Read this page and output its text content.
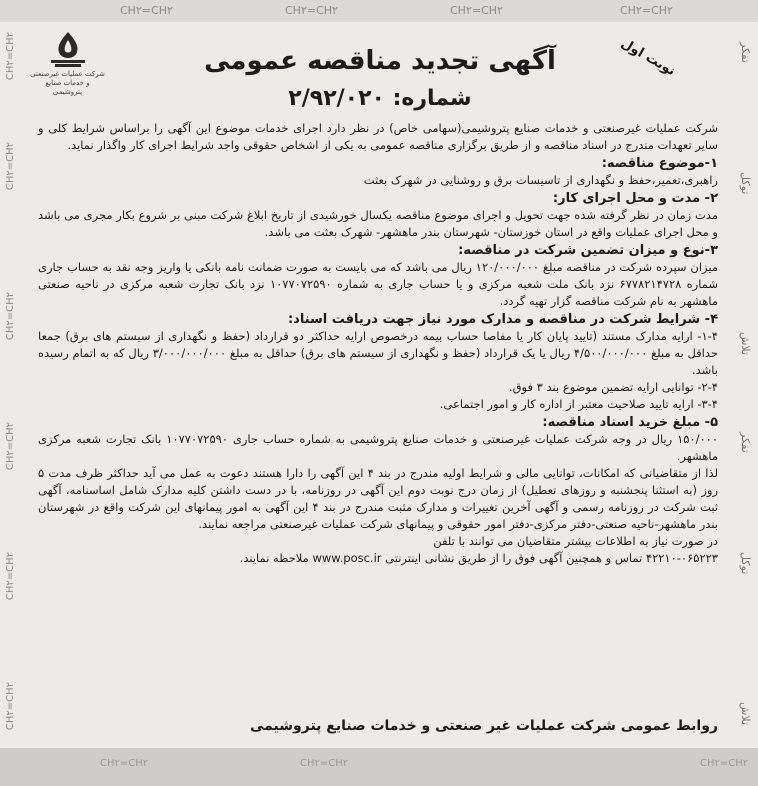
CH۲=CH۲	CH۲=CH۲	CH۲=CH۲	CH۲=CH۲
CH۲=CH۲
CH۲=CH۲
CH۲=CH۲
CH۲=CH۲
CH۲=CH۲
CH۲=CH۲
تفکر
توکل
تلاش
تفکر
توکل
تلاش
شرکت عملیات غیرصنعتی
و خدمات صنایع پتروشیمی
نوبت اول
آگهی تجدید مناقصه عمومی
شماره: ۲/۹۲/۰۲۰

شرکت عملیات غیرصنعتی و خدمات صنایع پتروشیمی(سهامی خاص) در نظر دارد اجرای خدمات موضوع این آگهی را براساس شرایط کلی و سایر تعهدات مندرج در اسناد مناقصه و از طریق برگزاری مناقصه عمومی به یکی از اشخاص حقوقی واجد شرایط اجرای کار واگذار نماید.

۱-موضوع مناقصه:

راهبری،تعمیر،حفظ و نگهداری از تاسیسات برق و روشنایی در شهرک بعثت

۲- مدت و محل اجرای کار:

مدت زمان در نظر گرفته شده جهت تحویل و اجرای موضوع مناقصه یکسال خورشیدی از تاریخ ابلاغ شرکت مبنی بر شروع بکار مجری می باشد و محل اجرای عملیات واقع در استان خوزستان- شهرستان بندر ماهشهر- شهرک بعثت می باشد.

۳-نوع و میزان تضمین شرکت در مناقصه:

میزان سپرده شرکت در مناقصه مبلغ ۱۲۰/۰۰۰/۰۰۰ ریال می باشد که می بایست به صورت ضمانت نامه بانکی یا واریز وجه نقد به حساب جاری شماره ۶۷۷۸۲۱۴۷۲۸ نزد بانک ملت شعبه مرکزی و یا حساب جاری به شماره ۱۰۷۷۰۷۲۵۹۰ نزد بانک تجارت شعبه مرکزی در ناحیه صنعتی ماهشهر به نام شرکت مناقصه گزار تهیه گردد.

۴- شرایط شرکت در مناقصه و مدارک مورد نیاز جهت دریافت اسناد:

۱-۴- ارایه مدارک مستند (تایید پایان کار یا مفاصا حساب بیمه درخصوص ارایه حداکثر دو قرارداد (حفظ و نگهداری از سیستم های برق) جمعا حداقل به مبلغ ۴/۵۰۰/۰۰۰/۰۰۰ ریال یا یک قرارداد (حفظ و نگهداری از سیستم های برق) حداقل به مبلغ ۳/۰۰۰/۰۰۰/۰۰۰ ریال که به اتمام رسیده باشد.

۲-۴- توانایی ارایه تضمین موضوع بند ۳ فوق.

۳-۴- ارایه تایید صلاحیت معتبر از اداره کار و امور اجتماعی.

۵- مبلغ خرید اسناد مناقصه:

۱۵۰/۰۰۰ ریال در وجه شرکت عملیات غیرصنعتی و خدمات صنایع پتروشیمی به شماره حساب جاری ۱۰۷۷۰۷۲۵۹۰ بانک تجارت شعبه مرکزی ماهشهر.

لذا از متقاضیانی که امکانات، توانایی مالی و شرایط اولیه مندرج در بند ۴ این آگهی را دارا هستند دعوت به عمل می آید حداکثر ظرف مدت ۵ روز (به استثنا پنجشنبه و روزهای تعطیل) از زمان درج نوبت دوم این آگهی در روزنامه، با در دست داشتن کلیه مدارک شامل اساسنامه، آگهی ثبت شرکت در روزنامه رسمی و آگهی آخرین تغییرات و مدارک مثبت مندرج در بند ۴ این آگهی به امور پیمانهای این شرکت واقع در شهرستان بندر ماهشهر-ناحیه صنعتی-دفتر مرکزی-دفتر امور حقوقی و پیمانهای شرکت عملیات غیرصنعتی مراجعه نمایند.

در صورت نیاز به اطلاعات بیشتر متقاضیان می توانند با تلفن

۴۲۲۱۰-۰۶۵۲۲۳ تماس و همچنین آگهی فوق را از طریق نشانی اینترنتی www.posc.ir ملاحظه نمایند.

روابط عمومی شرکت عملیات غیر صنعتی و خدمات صنایع پتروشیمی
CH۲=CH۲	CH۲=CH۲	CH۲=CH۲
